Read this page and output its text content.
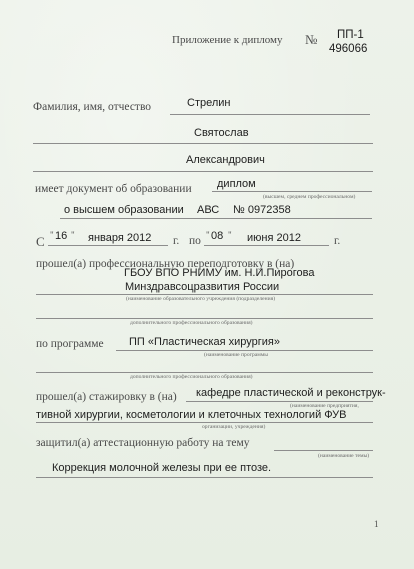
Приложение к диплому № ПП-1
496066
Фамилия, имя, отчество	Стрелин
Святослав
Александрович
имеет документ об образовании диплом
(высшем, среднем профессиональном)
о высшем образовании АВС № 0972358
С " 16 " января 2012 г. по " 08 " июня 2012	г.
прошел(а) профессиональную переподготовку в (на)
ГБОУ ВПО РНИМУ им. Н.И.Пирогова
Минздравсоцразвития России
(наименование образовательного учреждения (подразделения)
дополнительного профессионального образования)
по программе ПП «Пластическая хирургия»
(наименование программы
дополнительного профессионального образования)
прошел(а) стажировку в (на) кафедре пластической и реконструк-
(наименование предприятия,
тивной хирургии, косметологии и клеточных технологий ФУВ
организации, учреждения)
защитил(а) аттестационную работу на тему
(наименование темы)
Коррекция молочной железы при ее птозе.
1
